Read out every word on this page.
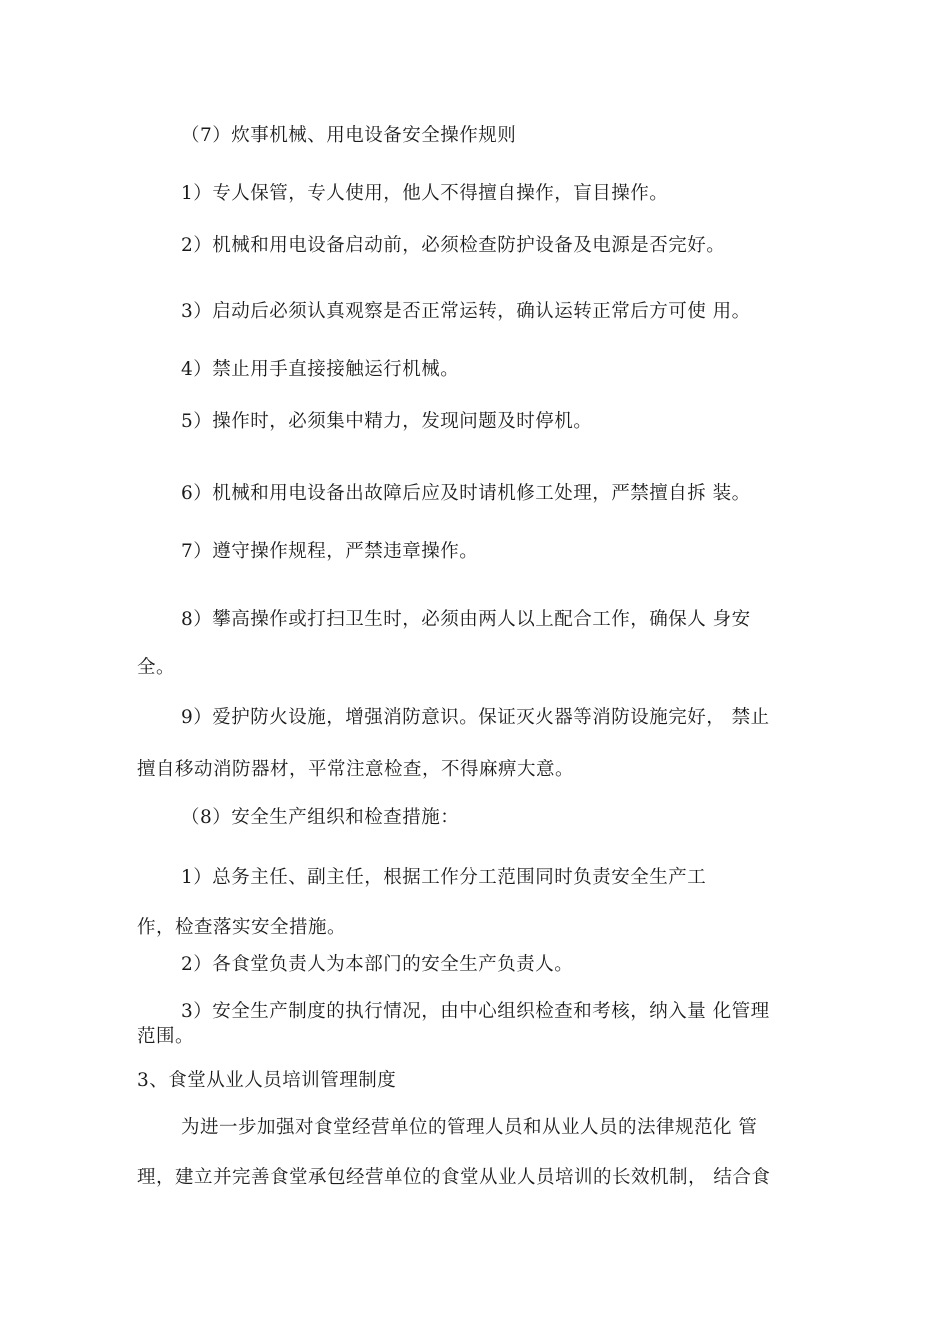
（7）炊事机械、用电设备安全操作规则
1）专人保管，专人使用，他人不得擅自操作，盲目操作。
2）机械和用电设备启动前，必须检查防护设备及电源是否完好。
3）启动后必须认真观察是否正常运转，确认运转正常后方可使 用。
4）禁止用手直接接触运行机械。
5）操作时，必须集中精力，发现问题及时停机。
6）机械和用电设备出故障后应及时请机修工处理，严禁擅自拆 装。
7）遵守操作规程，严禁违章操作。
8）攀高操作或打扫卫生时，必须由两人以上配合工作，确保人 身安
全。
9）爱护防火设施，增强消防意识。保证灭火器等消防设施完好， 禁止
擅自移动消防器材，平常注意检查，不得麻痹大意。
（8）安全生产组织和检查措施：
1）总务主任、副主任，根据工作分工范围同时负责安全生产工
作，检查落实安全措施。
2）各食堂负责人为本部门的安全生产负责人。
3）安全生产制度的执行情况，由中心组织检查和考核，纳入量 化管理
范围。
3、食堂从业人员培训管理制度
为进一步加强对食堂经营单位的管理人员和从业人员的法律规范化 管
理，建立并完善食堂承包经营单位的食堂从业人员培训的长效机制， 结合食
